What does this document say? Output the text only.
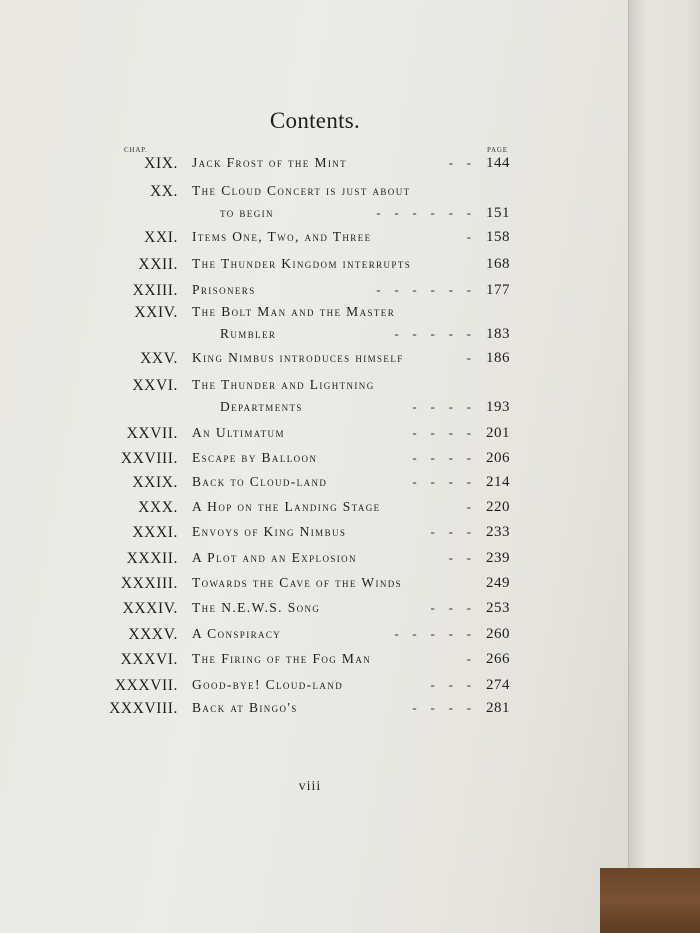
Contents.
CHAP.	PAGE
XIX. Jack Frost of the Mint	-   - 144
XX. The Cloud Concert is just about
to begin	-   -   -   -   -   - 151
XXI. Items One, Two, and Three	- 158
XXII. The Thunder Kingdom interrupts	168
XXIII. Prisoners	-   -   -   -   -   - 177
XXIV. The Bolt Man and the Master
Rumbler	-   -   -   -   - 183
XXV. King Nimbus introduces himself	- 186
XXVI. The Thunder and Lightning
Departments	-   -   -   - 193
XXVII. An Ultimatum	-   -   -   - 201
XXVIII. Escape by Balloon	-   -   -   - 206
XXIX. Back to Cloud-land	-   -   -   - 214
XXX. A Hop on the Landing Stage	- 220
XXXI. Envoys of King Nimbus	-   -   - 233
XXXII. A Plot and an Explosion	-   - 239
XXXIII. Towards the Cave of the Winds	249
XXXIV. The N.E.W.S. Song	-   -   - 253
XXXV. A Conspiracy	-   -   -   -   - 260
XXXVI. The Firing of the Fog Man	- 266
XXXVII. Good-bye! Cloud-land	-   -   - 274
XXXVIII. Back at Bingo's	-   -   -   - 281
viii
